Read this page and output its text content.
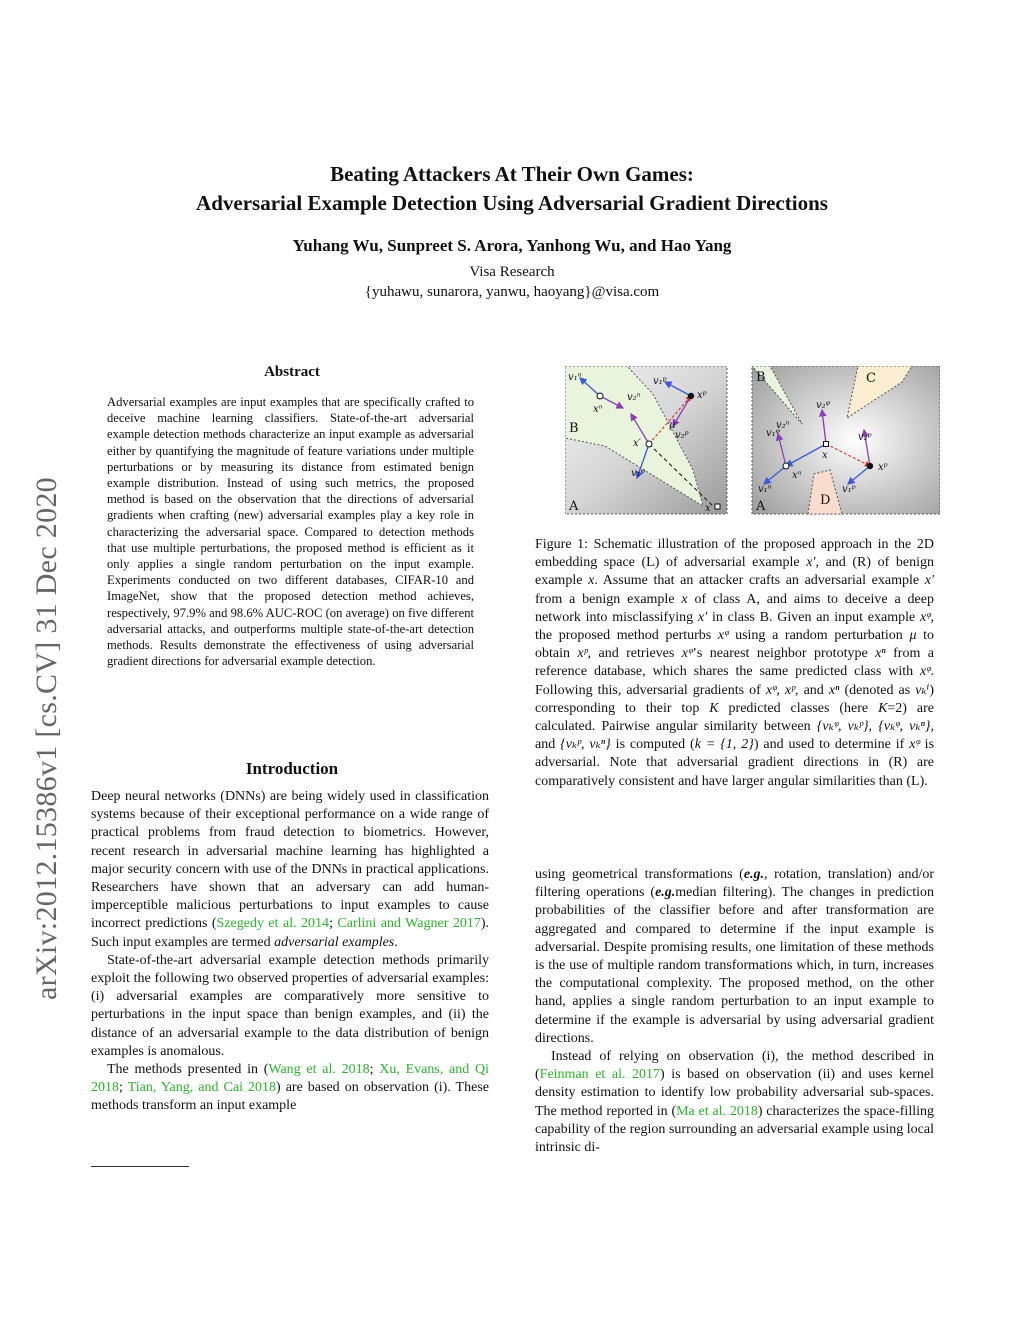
Beating Attackers At Their Own Games:
Adversarial Example Detection Using Adversarial Gradient Directions
Yuhang Wu, Sunpreet S. Arora, Yanhong Wu, and Hao Yang
Visa Research
{yuhawu, sunarora, yanwu, haoyang}@visa.com
arXiv:2012.15386v1 [cs.CV] 31 Dec 2020
Abstract

Adversarial examples are input examples that are specifically crafted to deceive machine learning classifiers. State-of-the-art adversarial example detection methods characterize an input example as adversarial either by quantifying the magnitude of feature variations under multiple perturbations or by measuring its distance from estimated benign example distribution. Instead of using such metrics, the proposed method is based on the observation that the directions of adversarial gradients when crafting (new) adversarial examples play a key role in characterizing the adversarial space. Compared to detection methods that use multiple perturbations, the proposed method is efficient as it only applies a single random perturbation on the input example. Experiments conducted on two different databases, CIFAR-10 and ImageNet, show that the proposed detection method achieves, respectively, 97.9% and 98.6% AUC-ROC (on average) on five different adversarial attacks, and outperforms multiple state-of-the-art detection methods. Results demonstrate the effectiveness of using adversarial gradient directions for adversarial example detection.

Introduction

Deep neural networks (DNNs) are being widely used in classification systems because of their exceptional performance on a wide range of practical problems from fraud detection to biometrics. However, recent research in adversarial machine learning has highlighted a major security concern with use of the DNNs in practical applications. Researchers have shown that an adversary can add human-imperceptible malicious perturbations to input examples to cause incorrect predictions (Szegedy et al. 2014; Carlini and Wagner 2017). Such input examples are termed adversarial examples.

State-of-the-art adversarial example detection methods primarily exploit the following two observed properties of adversarial examples: (i) adversarial examples are comparatively more sensitive to perturbations in the input space than benign examples, and (ii) the distance of an adversarial example to the data distribution of benign examples is anomalous.

The methods presented in (Wang et al. 2018; Xu, Evans, and Qi 2018; Tian, Yang, and Cai 2018) are based on observation (i). These methods transform an input example

v₁ⁿ
xⁿ
v₂ⁿ
v₁ᵖ
xᵖ
v₂ᵖ
μ
x′
v₁ᵠ
x
B
A
v₂ᵠ
v₁ᵠ
x
v₂ᵖ
xᵖ
v₁ᵖ
xⁿ
v₁ⁿ
v₂ⁿ
B	C
D
A

Figure 1: Schematic illustration of the proposed approach in the 2D embedding space (L) of adversarial example x′, and (R) of benign example x. Assume that an attacker crafts an adversarial example x′ from a benign example x of class A, and aims to deceive a deep network into misclassifying x′ in class B. Given an input example xᵠ, the proposed method perturbs xᵠ using a random perturbation μ to obtain xᵖ, and retrieves xᵠ’s nearest neighbor prototype xⁿ from a reference database, which shares the same predicted class with xᵠ. Following this, adversarial gradients of xᵠ, xᵖ, and xⁿ (denoted as vₖⁱ) corresponding to their top K predicted classes (here K=2) are calculated. Pairwise angular similarity between {vₖᵠ, vₖᵖ}, {vₖᵠ, vₖⁿ}, and {vₖᵖ, vₖⁿ} is computed (k = {1, 2}) and used to determine if xᵠ is adversarial. Note that adversarial gradient directions in (R) are comparatively consistent and have larger angular similarities than (L).

using geometrical transformations (e.g., rotation, translation) and/or filtering operations (e.g.median filtering). The changes in prediction probabilities of the classifier before and after transformation are aggregated and compared to determine if the input example is adversarial. Despite promising results, one limitation of these methods is the use of multiple random transformations which, in turn, increases the computational complexity. The proposed method, on the other hand, applies a single random perturbation to an input example to determine if the example is adversarial by using adversarial gradient directions.

Instead of relying on observation (i), the method described in (Feinman et al. 2017) is based on observation (ii) and uses kernel density estimation to identify low probability adversarial sub-spaces. The method reported in (Ma et al. 2018) characterizes the space-filling capability of the region surrounding an adversarial example using local intrinsic di-
